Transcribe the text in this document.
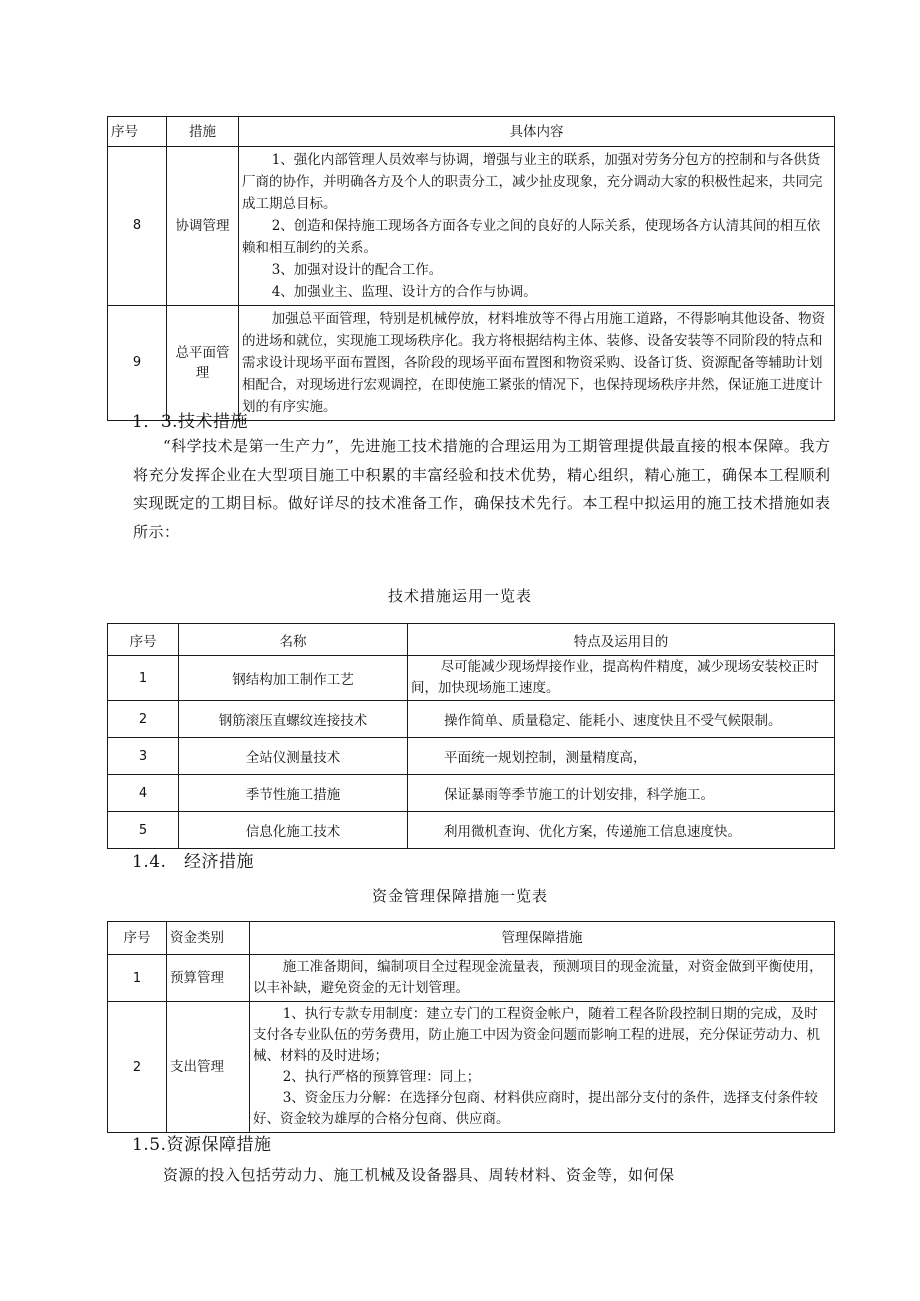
序号	措施	具体内容
8	协调管理	1、强化内部管理人员效率与协调，增强与业主的联系，加强对劳务分包方的控制和与各供货厂商的协作，并明确各方及个人的职责分工，减少扯皮现象，充分调动大家的积极性起来，共同完成工期总目标。

2、创造和保持施工现场各方面各专业之间的良好的人际关系，使现场各方认清其间的相互依赖和相互制约的关系。

3、加强对设计的配合工作。

4、加强业主、监理、设计方的合作与协调。

9	总平面管理	加强总平面管理，特别是机械停放，材料堆放等不得占用施工道路，不得影响其他设备、物资的进场和就位，实现施工现场秩序化。我方将根据结构主体、装修、设备安装等不同阶段的特点和需求设计现场平面布置图，各阶段的现场平面布置图和物资采购、设备订货、资源配备等辅助计划相配合，对现场进行宏观调控，在即使施工紧张的情况下，也保持现场秩序井然，保证施工进度计划的有序实施。

1．3.技术措施
“科学技术是第一生产力”，先进施工技术措施的合理运用为工期管理提供最直接的根本保障。我方将充分发挥企业在大型项目施工中积累的丰富经验和技术优势，精心组织，精心施工，确保本工程顺利实现既定的工期目标。做好详尽的技术准备工作，确保技术先行。本工程中拟运用的施工技术措施如表所示：
技术措施运用一览表
序号	名称	特点及运用目的
1	钢结构加工制作工艺	尽可能减少现场焊接作业，提高构件精度，减少现场安装校正时间，加快现场施工速度。
2	钢筋滚压直螺纹连接技术	操作简单、质量稳定、能耗小、速度快且不受气候限制。
3	全站仪测量技术	平面统一规划控制，测量精度高，
4	季节性施工措施	保证暴雨等季节施工的计划安排，科学施工。
5	信息化施工技术	利用微机查询、优化方案，传递施工信息速度快。
1.4.　经济措施
资金管理保障措施一览表
序号	资金类别	管理保障措施
1	预算管理	施工准备期间，编制项目全过程现金流量表，预测项目的现金流量，对资金做到平衡使用，以丰补缺，避免资金的无计划管理。

2	支出管理	1、执行专款专用制度：建立专门的工程资金帐户，随着工程各阶段控制日期的完成，及时支付各专业队伍的劳务费用，防止施工中因为资金问题而影响工程的进展，充分保证劳动力、机械、材料的及时进场；

2、执行严格的预算管理：同上；

3、资金压力分解：在选择分包商、材料供应商时，提出部分支付的条件，选择支付条件较好、资金较为雄厚的合格分包商、供应商。

1.5.资源保障措施
资源的投入包括劳动力、施工机械及设备器具、周转材料、资金等，如何保
